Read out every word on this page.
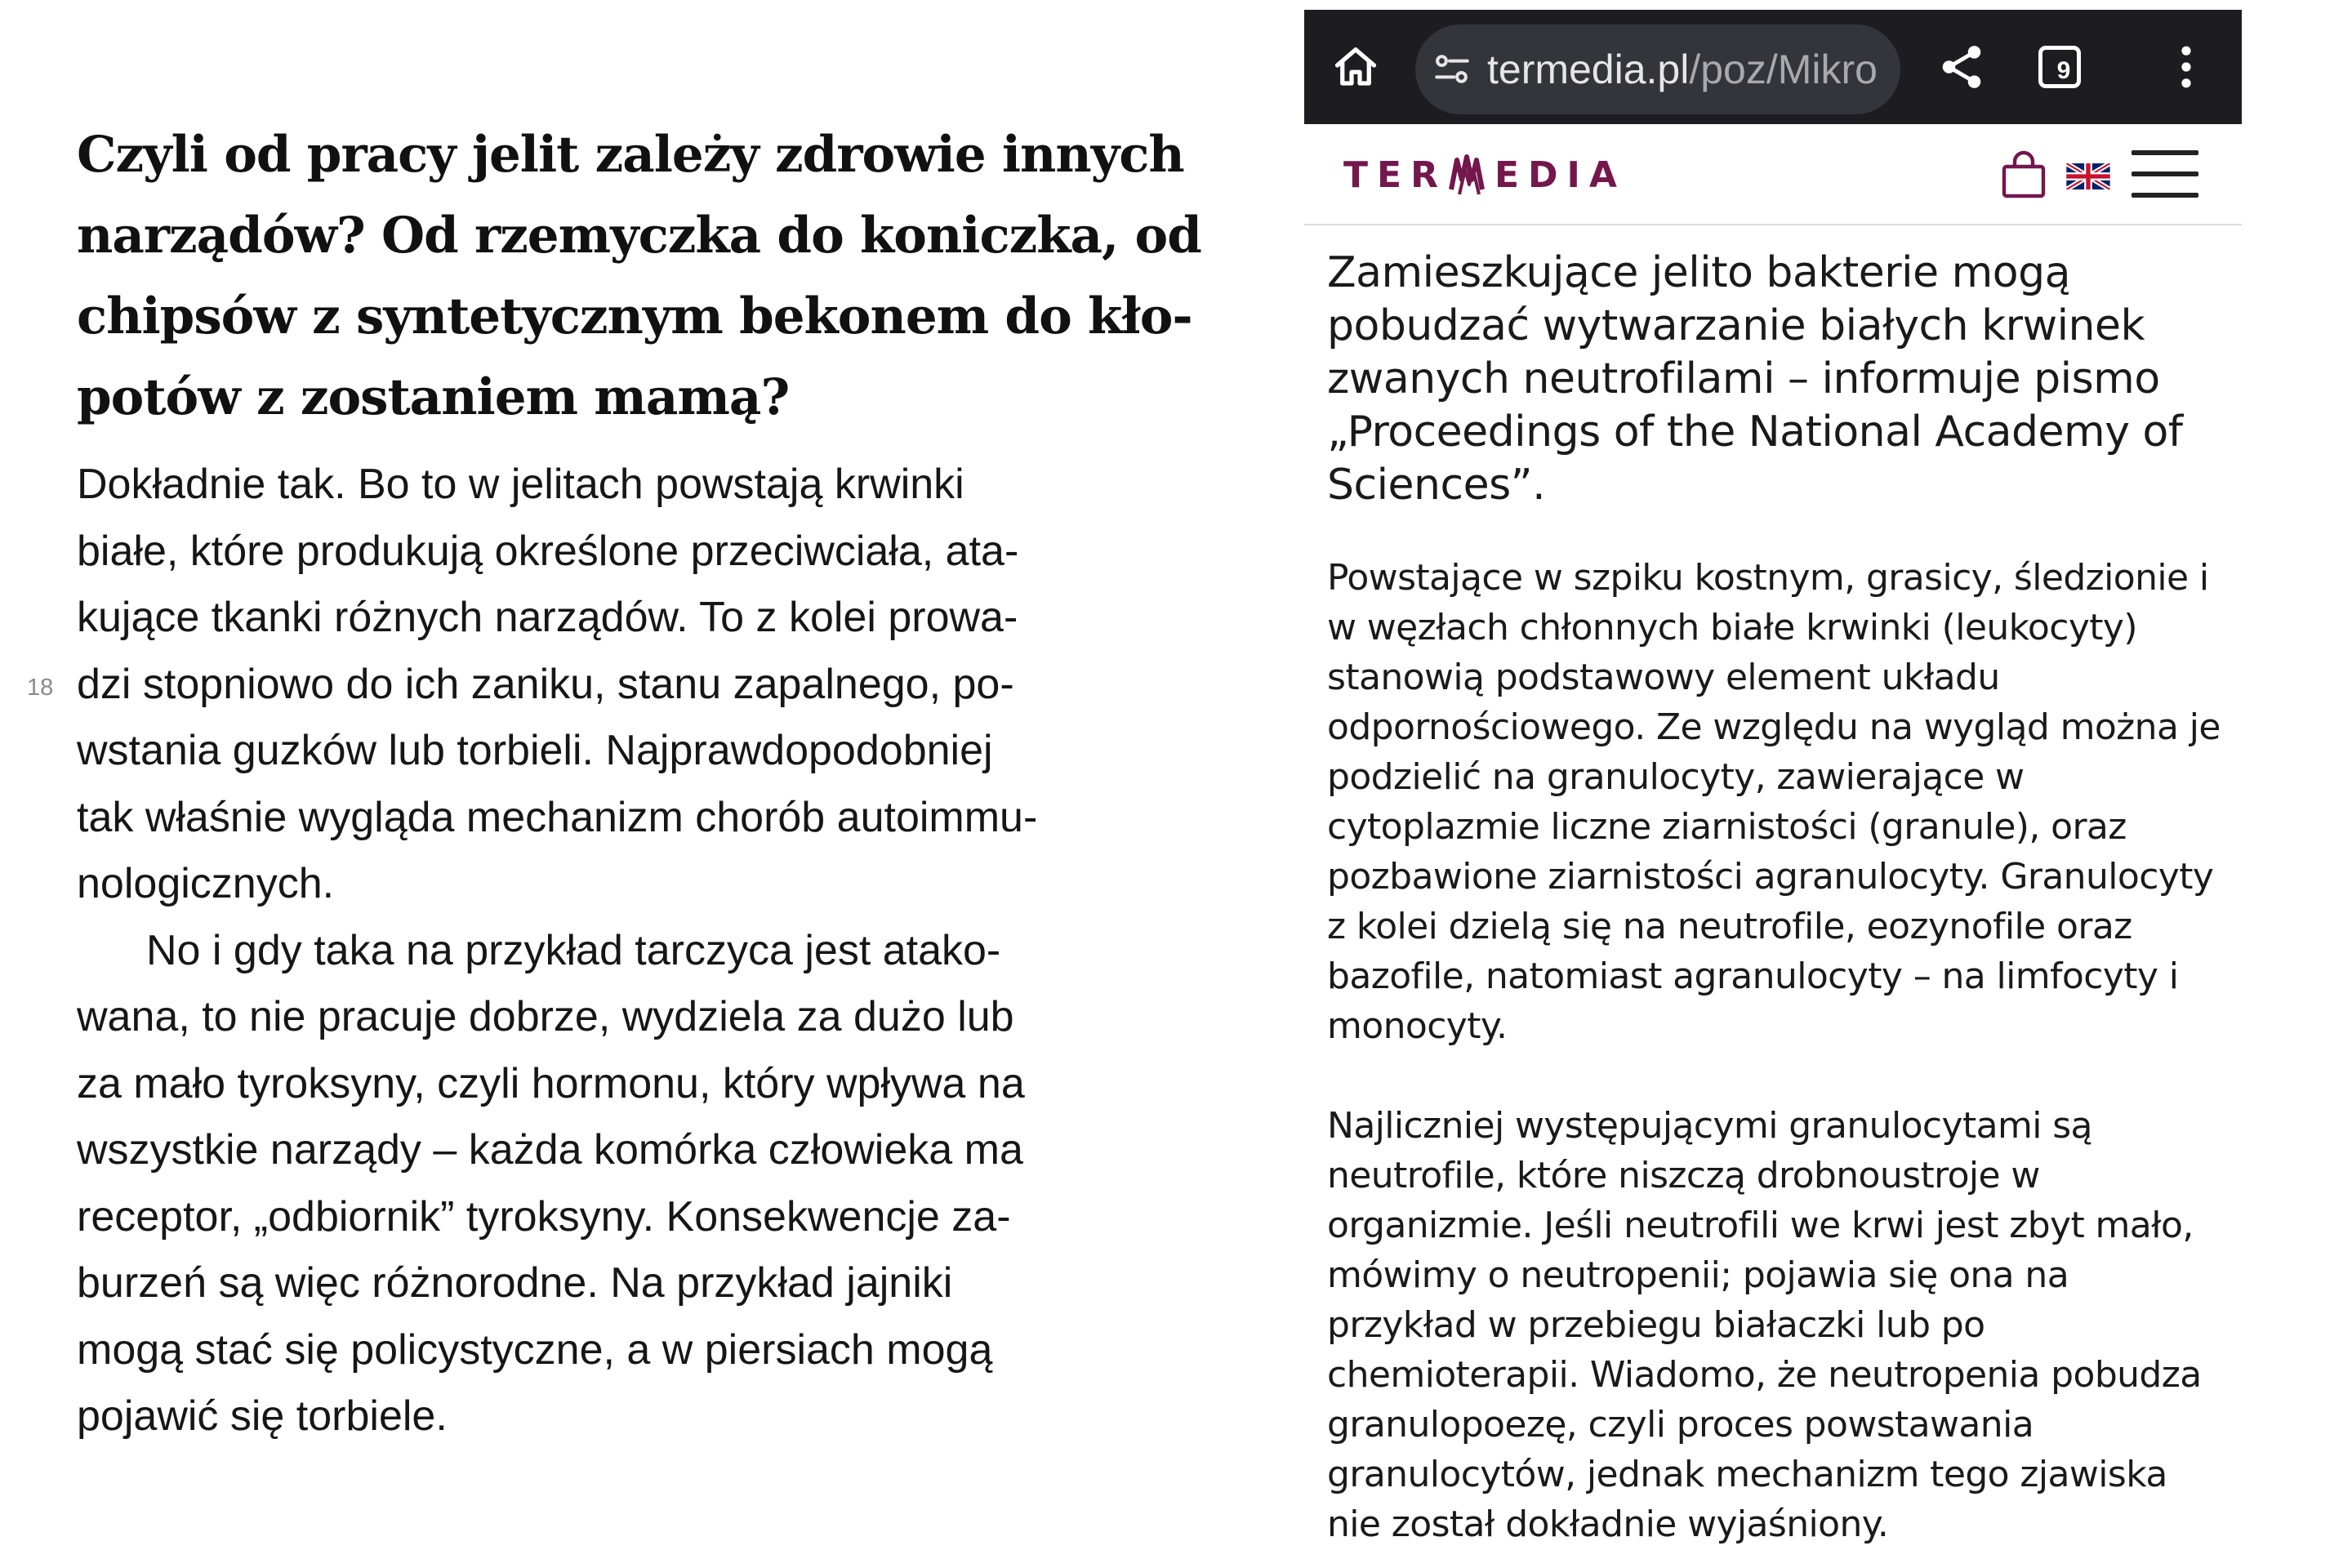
Czyli od pracy jelit zależy zdrowie innych
narządów? Od rzemyczka do koniczka, od
chipsów z syntetycznym bekonem do kło-
potów z zostaniem mamą?
18
Dokładnie tak. Bo to w jelitach powstają krwinki
białe, które produkują określone przeciwciała, ata-
kujące tkanki różnych narządów. To z kolei prowa-
dzi stopniowo do ich zaniku, stanu zapalnego, po-
wstania guzków lub torbieli. Najprawdopodobniej
tak właśnie wygląda mechanizm chorób autoimmu-
nologicznych.
No i gdy taka na przykład tarczyca jest atako-
wana, to nie pracuje dobrze, wydziela za dużo lub
za mało tyroksyny, czyli hormonu, który wpływa na
wszystkie narządy – każda komórka człowieka ma
receptor, „odbiornik” tyroksyny. Konsekwencje za-
burzeń są więc różnorodne. Na przykład jajniki
mogą stać się policystyczne, a w piersiach mogą
pojawić się torbiele.
termedia.pl/poz/Mikro	9
TER EDIA
Zamieszkujące jelito bakterie mogą pobudzać wytwarzanie białych krwinek zwanych neutrofilami – informuje pismo „Proceedings of the National Academy of Sciences”.
Powstające w szpiku kostnym, grasicy, śledzionie i w węzłach chłonnych białe krwinki (leukocyty) stanowią podstawowy element układu odpornościowego. Ze względu na wygląd można je podzielić na granulocyty, zawierające w cytoplazmie liczne ziarnistości (granule), oraz pozbawione ziarnistości agranulocyty. Granulocyty z kolei dzielą się na neutrofile, eozynofile oraz bazofile, natomiast agranulocyty – na limfocyty i monocyty.
Najliczniej występującymi granulocytami są neutrofile, które niszczą drobnoustroje w organizmie. Jeśli neutrofili we krwi jest zbyt mało, mówimy o neutropenii; pojawia się ona na przykład w przebiegu białaczki lub po chemioterapii. Wiadomo, że neutropenia pobudza granulopoezę, czyli proces powstawania granulocytów, jednak mechanizm tego zjawiska nie został dokładnie wyjaśniony.
